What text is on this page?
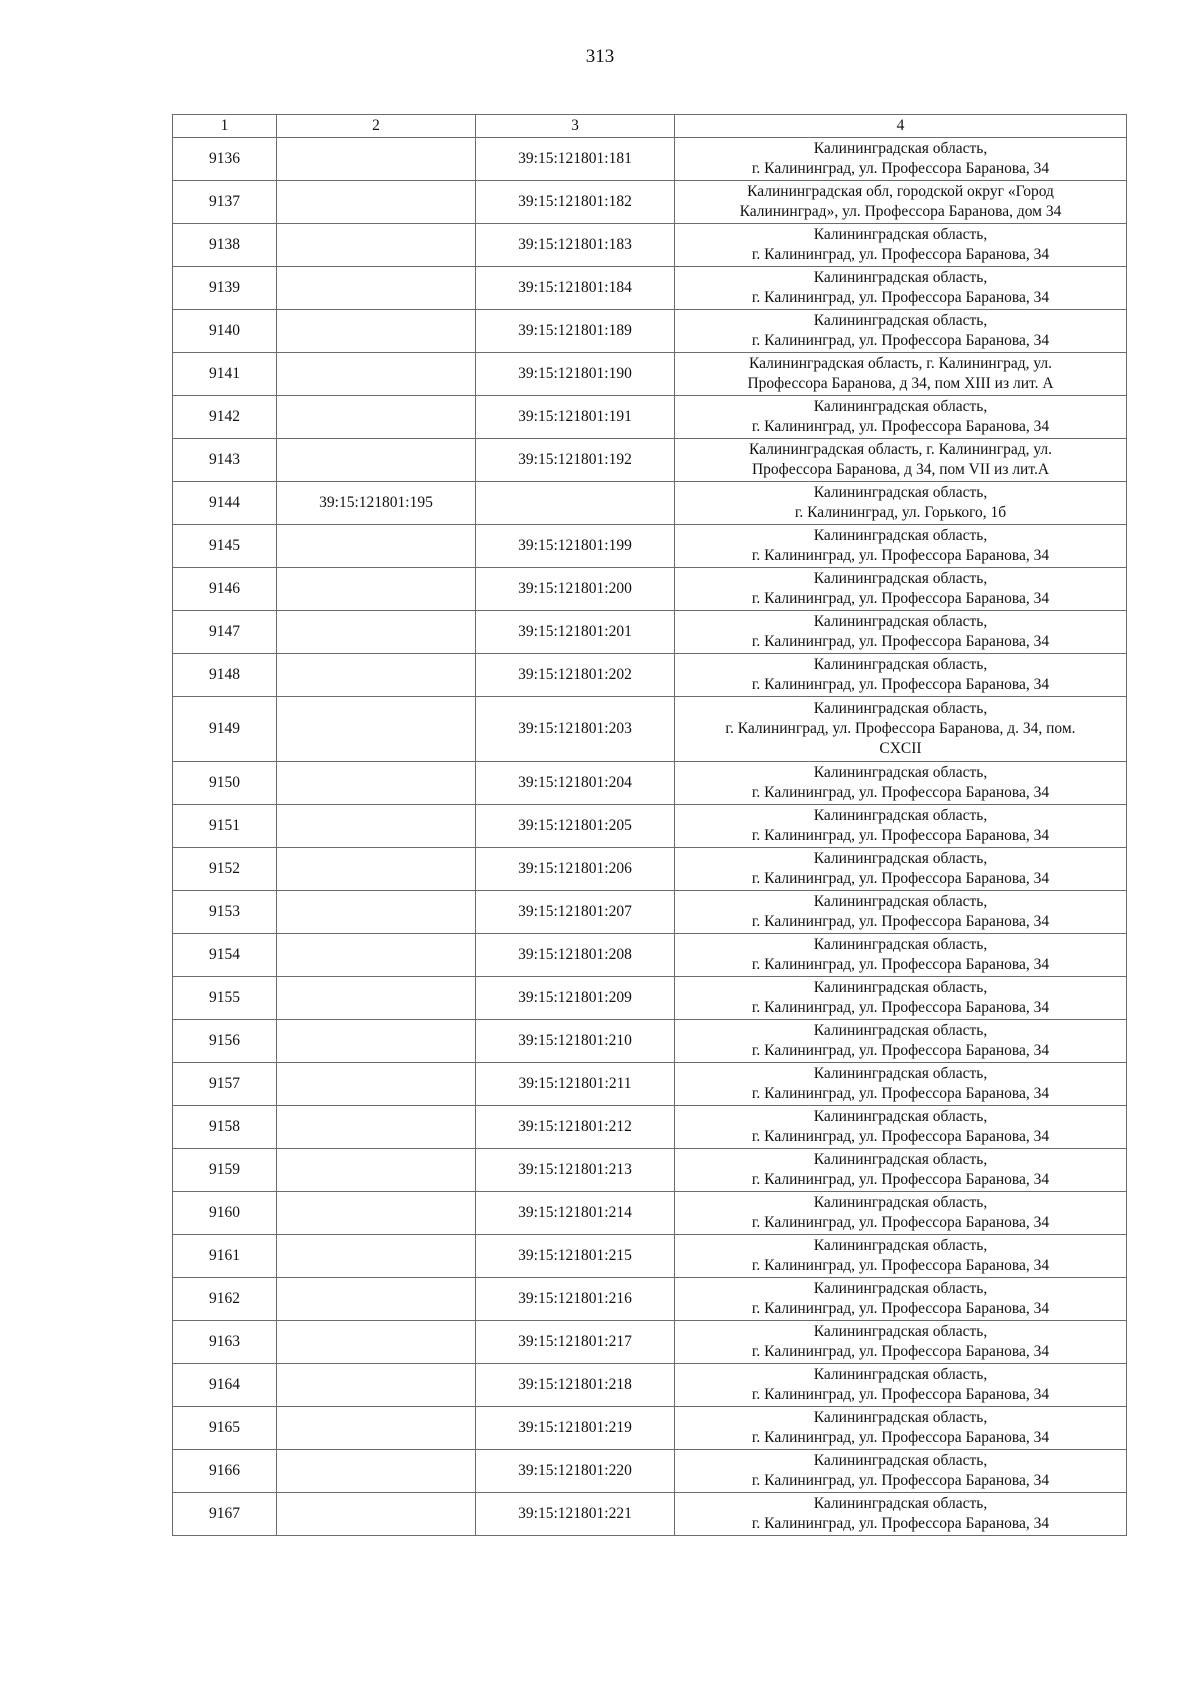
313
1	2	3	4
9136		39:15:121801:181	Калининградская область,
г. Калининград, ул. Профессора Баранова, 34

9137		39:15:121801:182	Калининградская обл, городской округ «Город
Калининград», ул. Профессора Баранова, дом 34

9138		39:15:121801:183	Калининградская область,
г. Калининград, ул. Профессора Баранова, 34

9139		39:15:121801:184	Калининградская область,
г. Калининград, ул. Профессора Баранова, 34

9140		39:15:121801:189	Калининградская область,
г. Калининград, ул. Профессора Баранова, 34

9141		39:15:121801:190	Калининградская область, г. Калининград, ул.
Профессора Баранова, д 34, пом XIII из лит. А

9142		39:15:121801:191	Калининградская область,
г. Калининград, ул. Профессора Баранова, 34

9143		39:15:121801:192	Калининградская область, г. Калининград, ул.
Профессора Баранова, д 34, пом VII из лит.А

9144	39:15:121801:195		Калининградская область,
г. Калининград, ул. Горького, 1б

9145		39:15:121801:199	Калининградская область,
г. Калининград, ул. Профессора Баранова, 34

9146		39:15:121801:200	Калининградская область,
г. Калининград, ул. Профессора Баранова, 34

9147		39:15:121801:201	Калининградская область,
г. Калининград, ул. Профессора Баранова, 34

9148		39:15:121801:202	Калининградская область,
г. Калининград, ул. Профессора Баранова, 34

9149		39:15:121801:203	Калининградская область,
г. Калининград, ул. Профессора Баранова, д. 34, пом.
CXCII

9150		39:15:121801:204	Калининградская область,
г. Калининград, ул. Профессора Баранова, 34

9151		39:15:121801:205	Калининградская область,
г. Калининград, ул. Профессора Баранова, 34

9152		39:15:121801:206	Калининградская область,
г. Калининград, ул. Профессора Баранова, 34

9153		39:15:121801:207	Калининградская область,
г. Калининград, ул. Профессора Баранова, 34

9154		39:15:121801:208	Калининградская область,
г. Калининград, ул. Профессора Баранова, 34

9155		39:15:121801:209	Калининградская область,
г. Калининград, ул. Профессора Баранова, 34

9156		39:15:121801:210	Калининградская область,
г. Калининград, ул. Профессора Баранова, 34

9157		39:15:121801:211	Калининградская область,
г. Калининград, ул. Профессора Баранова, 34

9158		39:15:121801:212	Калининградская область,
г. Калининград, ул. Профессора Баранова, 34

9159		39:15:121801:213	Калининградская область,
г. Калининград, ул. Профессора Баранова, 34

9160		39:15:121801:214	Калининградская область,
г. Калининград, ул. Профессора Баранова, 34

9161		39:15:121801:215	Калининградская область,
г. Калининград, ул. Профессора Баранова, 34

9162		39:15:121801:216	Калининградская область,
г. Калининград, ул. Профессора Баранова, 34

9163		39:15:121801:217	Калининградская область,
г. Калининград, ул. Профессора Баранова, 34

9164		39:15:121801:218	Калининградская область,
г. Калининград, ул. Профессора Баранова, 34

9165		39:15:121801:219	Калининградская область,
г. Калининград, ул. Профессора Баранова, 34

9166		39:15:121801:220	Калининградская область,
г. Калининград, ул. Профессора Баранова, 34

9167		39:15:121801:221	Калининградская область,
г. Калининград, ул. Профессора Баранова, 34
